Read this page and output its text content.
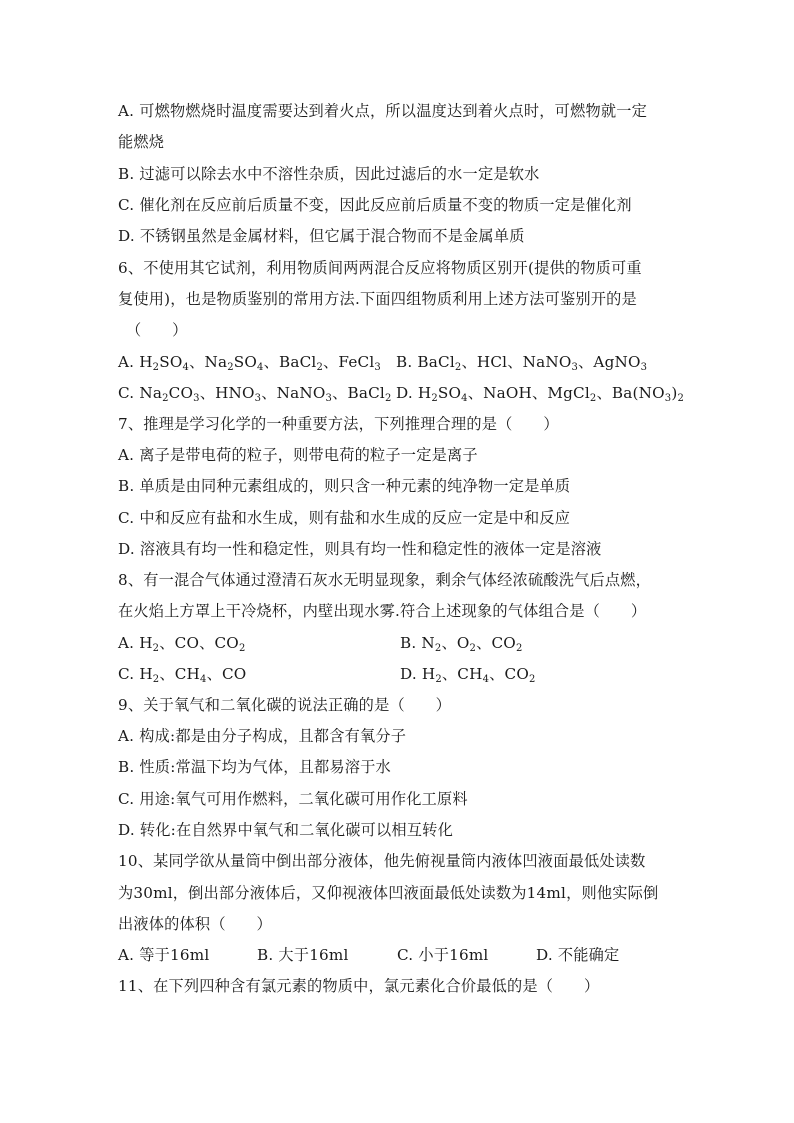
A. 可燃物燃烧时温度需要达到着火点，所以温度达到着火点时，可燃物就一定
能燃烧
B. 过滤可以除去水中不溶性杂质，因此过滤后的水一定是软水
C. 催化剂在反应前后质量不变，因此反应前后质量不变的物质一定是催化剂
D. 不锈钢虽然是金属材料，但它属于混合物而不是金属单质
6、不使用其它试剂，利用物质间两两混合反应将物质区别开(提供的物质可重
复使用)，也是物质鉴别的常用方法.下面四组物质利用上述方法可鉴别开的是
（　　）
A. $H_2SO_4$、$Na_2SO_4$、BaCl$_2$、FeCl$_3$ B. BaCl$_2$、HCl、NaNO$_3$、AgNO$_3$
C. $Na_2CO_3$、$HNO_3$、NaNO$_3$、BaCl$_2$ D. $H_2SO_4$、NaOH、MgCl$_2$、$Ba(NO_3)_2$
7、推理是学习化学的一种重要方法，下列推理合理的是（　　）
A. 离子是带电荷的粒子，则带电荷的粒子一定是离子
B. 单质是由同种元素组成的，则只含一种元素的纯净物一定是单质
C. 中和反应有盐和水生成，则有盐和水生成的反应一定是中和反应
D. 溶液具有均一性和稳定性，则具有均一性和稳定性的液体一定是溶液
8、有一混合气体通过澄清石灰水无明显现象，剩余气体经浓硫酸洗气后点燃，
在火焰上方罩上干冷烧杯，内壁出现水雾.符合上述现象的气体组合是（　　）
A. $H_2$、CO、$CO_2$	B. $N_2$、$O_2$、$CO_2$
C. $H_2$、$CH_4$、CO	D. $H_2$、$CH_4$、$CO_2$
9、关于氧气和二氧化碳的说法正确的是（　　）
A. 构成:都是由分子构成，且都含有氧分子
B. 性质:常温下均为气体，且都易溶于水
C. 用途:氧气可用作燃料，二氧化碳可用作化工原料
D. 转化:在自然界中氧气和二氧化碳可以相互转化
10、某同学欲从量筒中倒出部分液体，他先俯视量筒内液体凹液面最低处读数
为30ml，倒出部分液体后，又仰视液体凹液面最低处读数为14ml，则他实际倒
出液体的体积（　　）
A. 等于16ml	B. 大于16ml	C. 小于16ml	D. 不能确定
11、在下列四种含有氯元素的物质中，氯元素化合价最低的是（　　）
